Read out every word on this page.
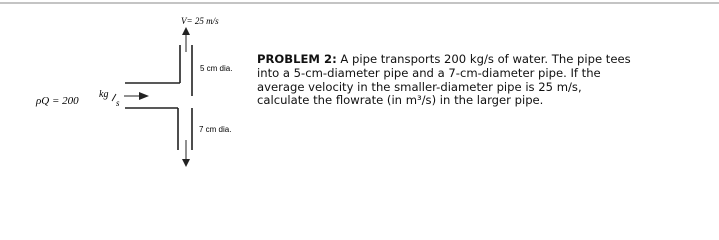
V= 25 m/s
5 cm dia.
7 cm dia.
ρQ = 200
kg
s
PROBLEM 2: A pipe transports 200 kg/s of water. The pipe tees into a 5-cm-diameter pipe and a 7-cm-diameter pipe. If the average velocity in the smaller-diameter pipe is 25 m/s, calculate the flowrate (in m³/s) in the larger pipe.
